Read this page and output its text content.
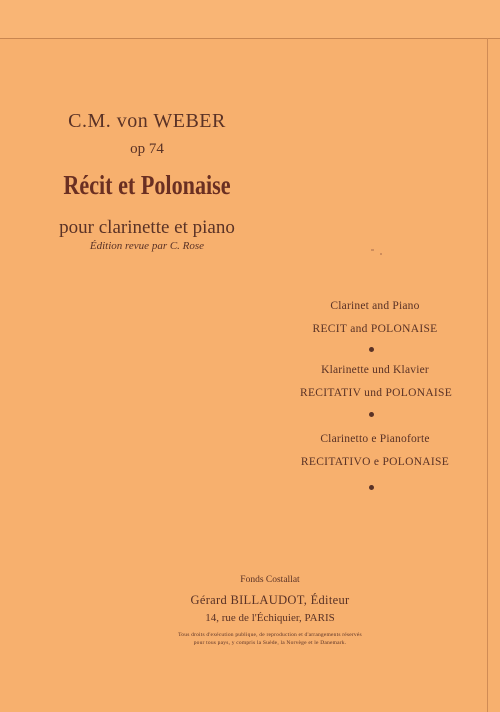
C.M. von WEBER
op 74
Récit et Polonaise
pour clarinette et piano
Édition revue par C. Rose
Clarinet and Piano
RECIT and POLONAISE
Klarinette und Klavier
RECITATIV und POLONAISE
Clarinetto e Pianoforte
RECITATIVO e POLONAISE
Fonds Costallat
Gérard BILLAUDOT, Éditeur
14, rue de l'Échiquier, PARIS
Tous droits d'exécution publique, de reproduction et d'arrangements réservés
pour tous pays, y compris la Suède, la Norvège et le Danemark.
